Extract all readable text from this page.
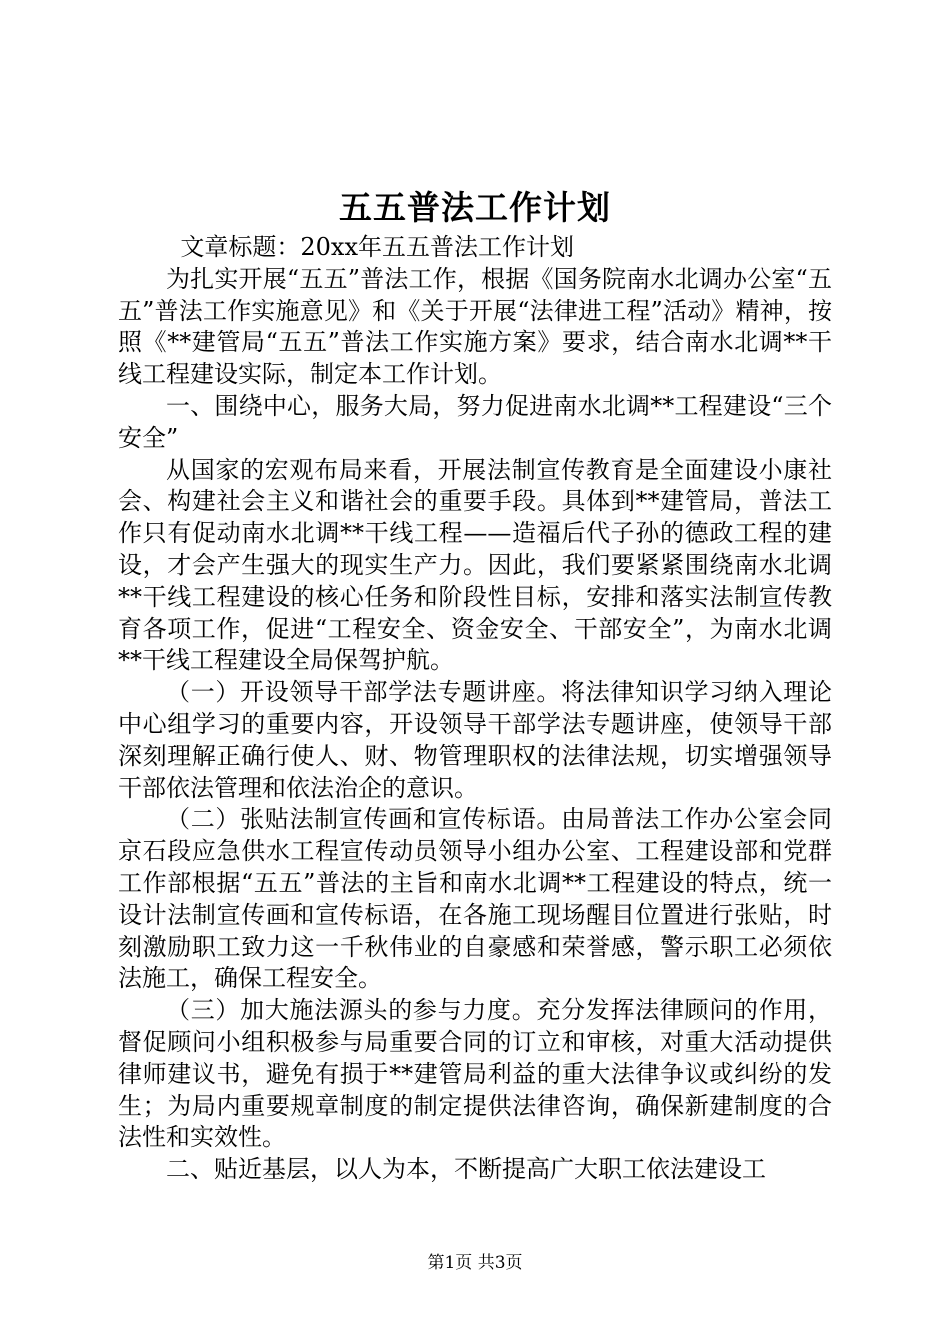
五五普法工作计划

文章标题：20xx年五五普法工作计划

为扎实开展“五五”普法工作，根据《国务院南水北调办公室“五五”普法工作实施意见》和《关于开展“法律进工程”活动》精神，按照《**建管局“五五”普法工作实施方案》要求，结合南水北调**干线工程建设实际，制定本工作计划。

一、围绕中心，服务大局，努力促进南水北调**工程建设“三个安全”

从国家的宏观布局来看，开展法制宣传教育是全面建设小康社会、构建社会主义和谐社会的重要手段。具体到**建管局，普法工作只有促动南水北调**干线工程——造福后代子孙的德政工程的建设，才会产生强大的现实生产力。因此，我们要紧紧围绕南水北调**干线工程建设的核心任务和阶段性目标，安排和落实法制宣传教育各项工作，促进“工程安全、资金安全、干部安全”，为南水北调**干线工程建设全局保驾护航。

（一）开设领导干部学法专题讲座。将法律知识学习纳入理论中心组学习的重要内容，开设领导干部学法专题讲座，使领导干部深刻理解正确行使人、财、物管理职权的法律法规，切实增强领导干部依法管理和依法治企的意识。

（二）张贴法制宣传画和宣传标语。由局普法工作办公室会同京石段应急供水工程宣传动员领导小组办公室、工程建设部和党群工作部根据“五五”普法的主旨和南水北调**工程建设的特点，统一设计法制宣传画和宣传标语，在各施工现场醒目位置进行张贴，时刻激励职工致力这一千秋伟业的自豪感和荣誉感，警示职工必须依法施工，确保工程安全。

（三）加大施法源头的参与力度。充分发挥法律顾问的作用，督促顾问小组积极参与局重要合同的订立和审核，对重大活动提供律师建议书，避免有损于**建管局利益的重大法律争议或纠纷的发生；为局内重要规章制度的制定提供法律咨询，确保新建制度的合法性和实效性。

二、贴近基层，以人为本，不断提高广大职工依法建设工

第1页 共3页
